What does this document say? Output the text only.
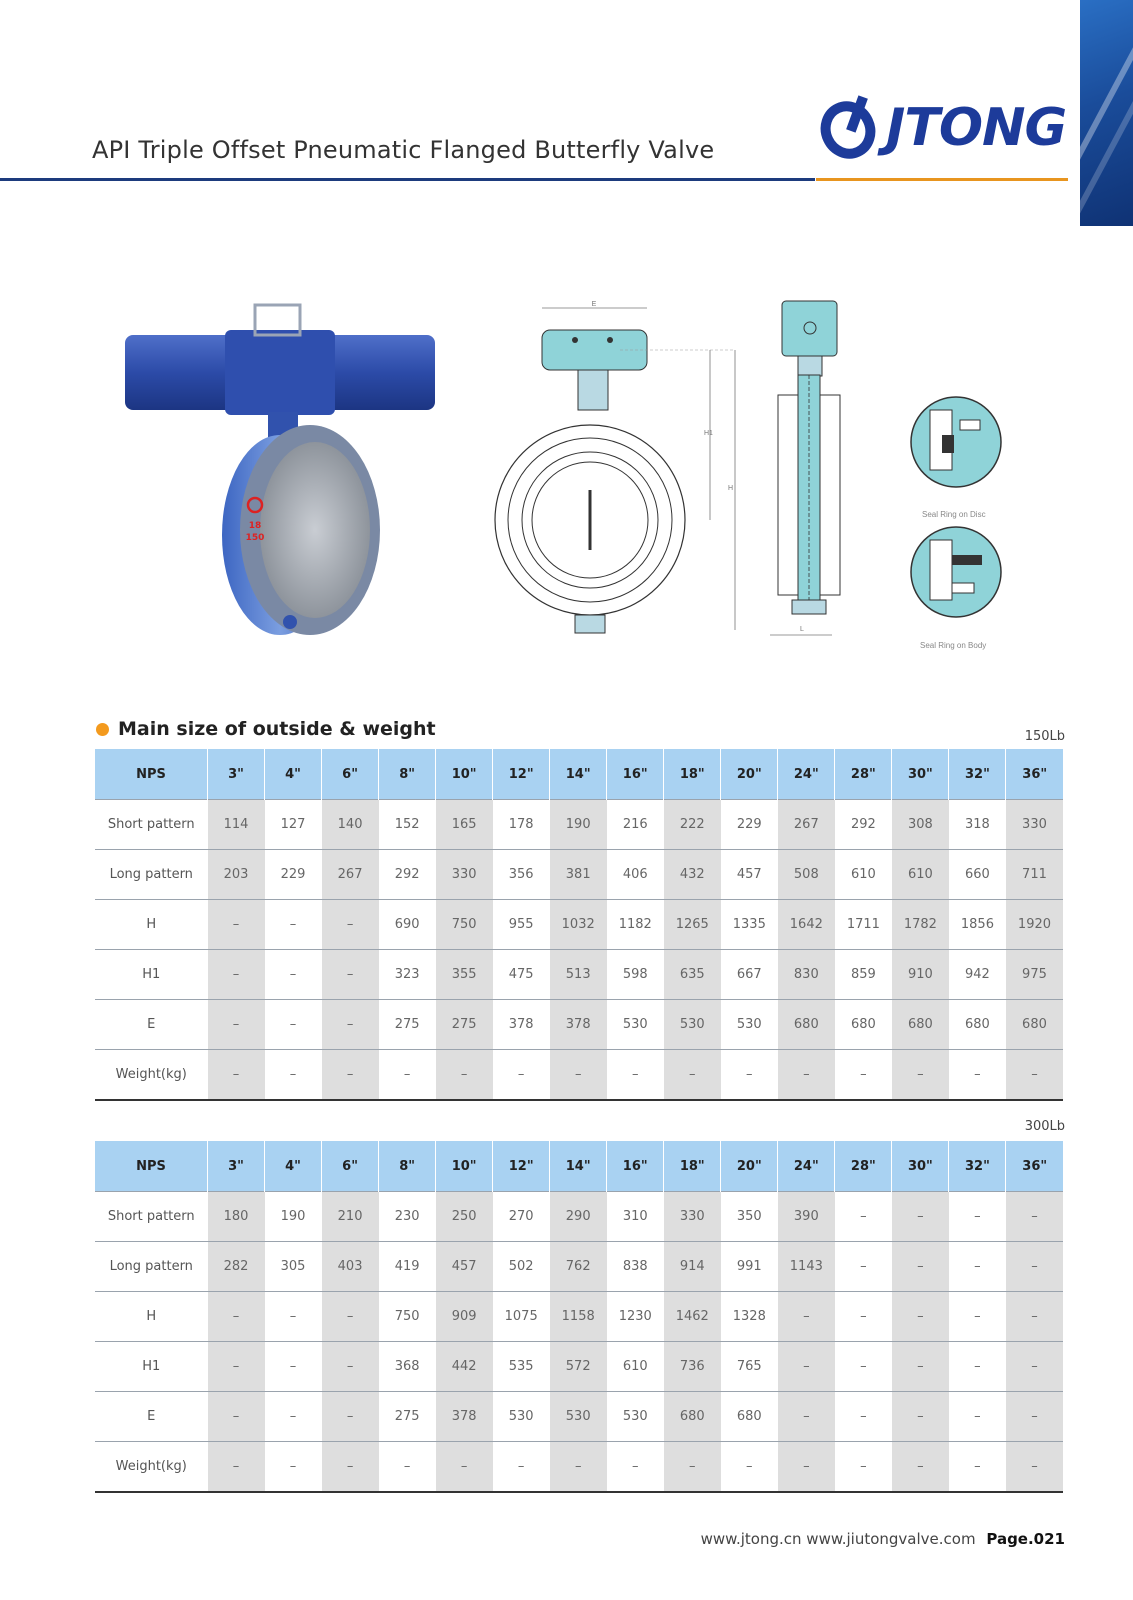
JTONG
API Triple Offset Pneumatic Flanged Butterfly Valve
18
150
E
H1
H
L
Seal Ring on Disc
Seal Ring on Body
Main size of outside & weight	150Lb
NPS	3"	4"	6"	8"	10"	12"	14"	16"	18"	20"	24"	28"	30"	32"	36"
Short pattern	114	127	140	152	165	178	190	216	222	229	267	292	308	318	330
Long pattern	203	229	267	292	330	356	381	406	432	457	508	610	610	660	711
H	–	–	–	690	750	955	1032	1182	1265	1335	1642	1711	1782	1856	1920
H1	–	–	–	323	355	475	513	598	635	667	830	859	910	942	975
E	–	–	–	275	275	378	378	530	530	530	680	680	680	680	680
Weight(kg)	–	–	–	–	–	–	–	–	–	–	–	–	–	–	–
300Lb
NPS	3"	4"	6"	8"	10"	12"	14"	16"	18"	20"	24"	28"	30"	32"	36"
Short pattern	180	190	210	230	250	270	290	310	330	350	390	–	–	–	–
Long pattern	282	305	403	419	457	502	762	838	914	991	1143	–	–	–	–
H	–	–	–	750	909	1075	1158	1230	1462	1328	–	–	–	–	–
H1	–	–	–	368	442	535	572	610	736	765	–	–	–	–	–
E	–	–	–	275	378	530	530	530	680	680	–	–	–	–	–
Weight(kg)	–	–	–	–	–	–	–	–	–	–	–	–	–	–	–
www.jtong.cn www.jiutongvalve.com Page.021
